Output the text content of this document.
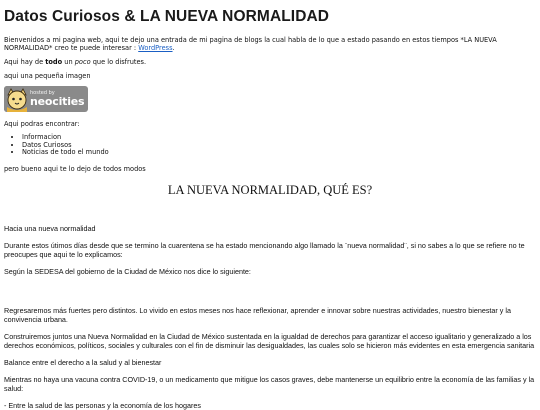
Datos Curiosos & LA NUEVA NORMALIDAD

Bienvenidos a mi pagina web, aqui te dejo una entrada de mi pagina de blogs la cual habla de lo que a estado pasando en estos tiempos *LA NUEVA NORMALIDAD* creo te puede interesar : WordPress.

Aqui hay de todo un poco que lo disfrutes.

aqui una pequeña imagen

hosted by
neocities

Aqui podras encontrar:

• Informacion
• Datos Curiosos
• Noticias de todo el mundo

pero bueno aqui te lo dejo de todos modos

LA NUEVA NORMALIDAD, QUÉ ES?

Hacia una nueva normalidad

Durante estos útimos días desde que se termino la cuarentena se ha estado mencionando algo llamado la ¨nueva normalidad¨, si no sabes a lo que se refiere no te preocupes que aqui te lo explicamos:

Según la SEDESA del gobierno de la Ciudad de México nos dice lo siguiente:

Regresaremos más fuertes pero distintos. Lo vivido en estos meses nos hace reflexionar, aprender e innovar sobre nuestras actividades, nuestro bienestar y la convivencia urbana.

Construiremos juntos una Nueva Normalidad en la Ciudad de México sustentada en la igualdad de derechos para garantizar el acceso igualitario y generalizado a los derechos económicos, políticos, sociales y culturales con el fin de disminuir las desigualdades, las cuales solo se hicieron más evidentes en esta emergencia sanitaria

Balance entre el derecho a la salud y al bienestar

Mientras no haya una vacuna contra COVID-19, o un medicamento que mitigue los casos graves, debe mantenerse un equilibrio entre la economía de las familias y la salud:

- Entre la salud de las personas y la economía de los hogares
